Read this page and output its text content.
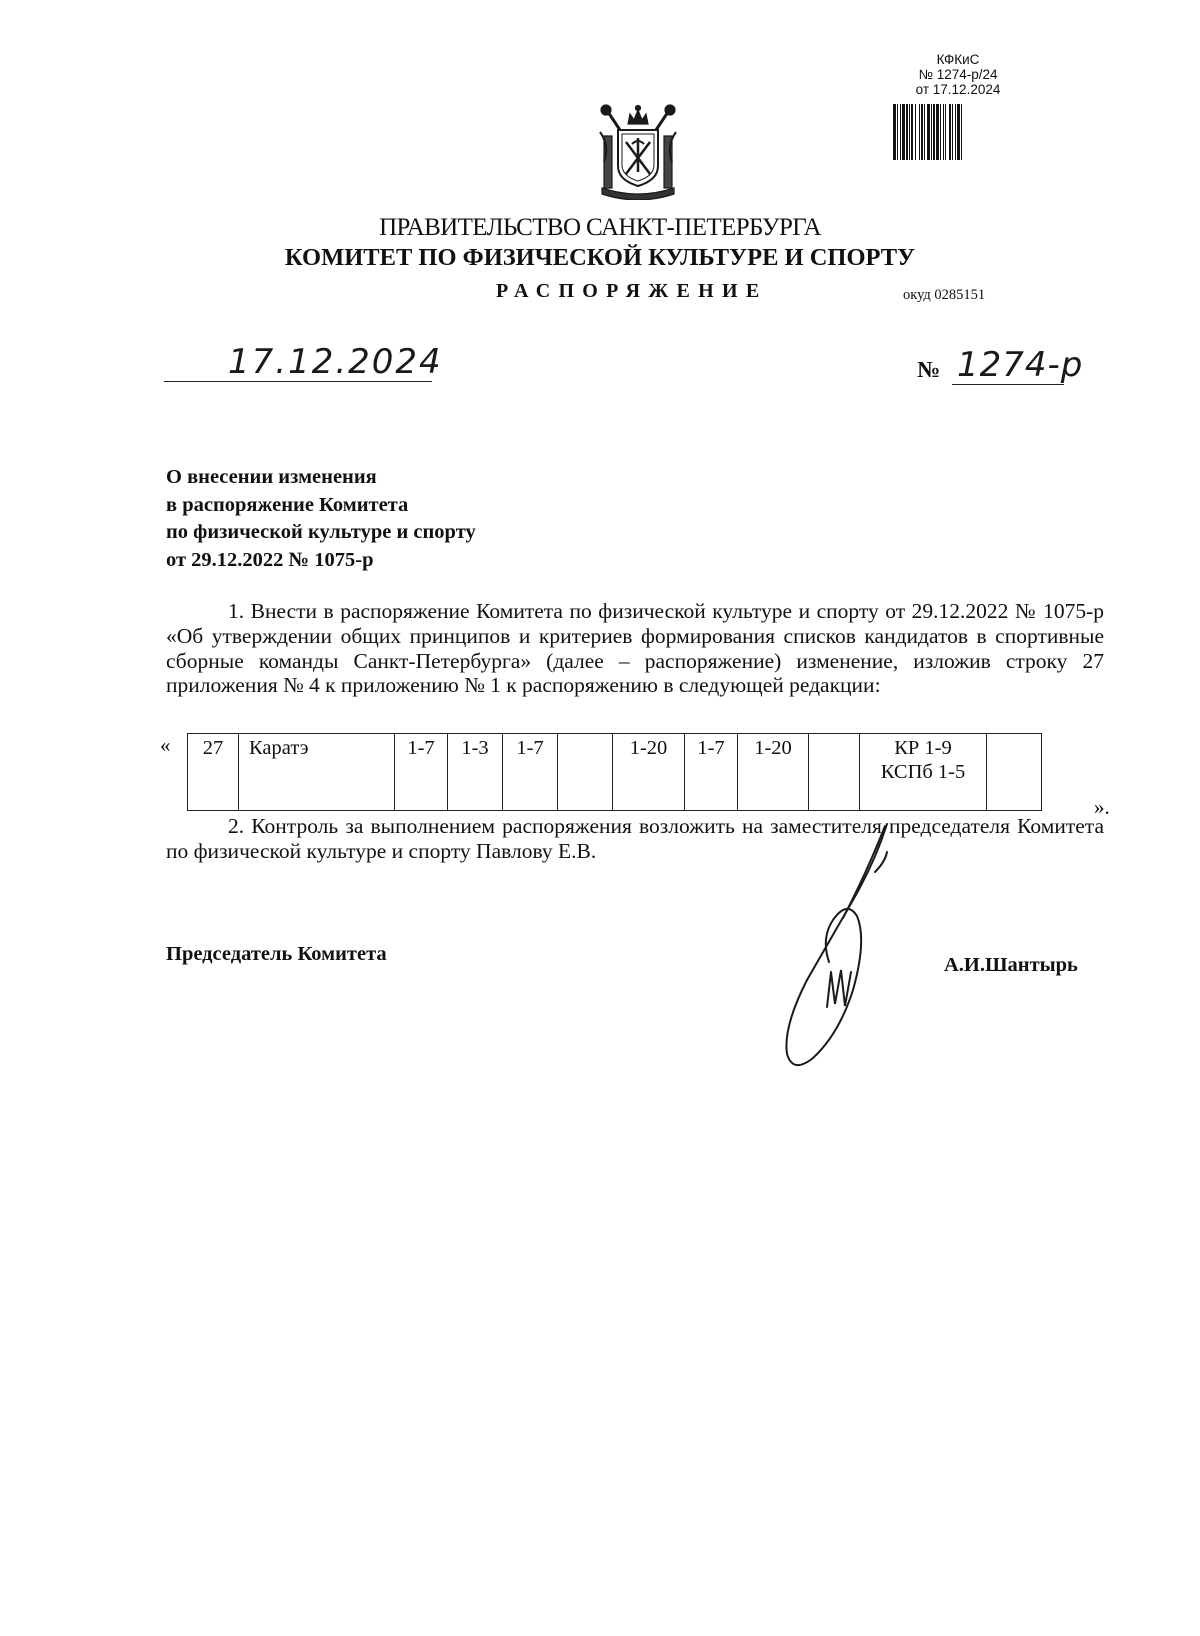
КФКиС
№ 1274-р/24
от 17.12.2024
ПРАВИТЕЛЬСТВО САНКТ-ПЕТЕРБУРГА
КОМИТЕТ ПО ФИЗИЧЕСКОЙ КУЛЬТУРЕ И СПОРТУ
РАСПОРЯЖЕНИЕ	окуд 0285151
17.12.2024	№ 1274-р
О внесении изменения
в распоряжение Комитета
по физической культуре и спорту
от 29.12.2022 № 1075-р
1. Внести в распоряжение Комитета по физической культуре и спорту от 29.12.2022 № 1075-р «Об утверждении общих принципов и критериев формирования списков кандидатов в спортивные сборные команды Санкт-Петербурга» (далее – распоряжение) изменение, изложив строку 27 приложения № 4 к приложению № 1 к распоряжению в следующей редакции:
« 27	Каратэ	1-7	1-3	1-7		1-20	1-7	1-20		КР 1-9
КСПб 1-5	
».
2. Контроль за выполнением распоряжения возложить на заместителя председателя Комитета по физической культуре и спорту Павлову Е.В.
Председатель Комитета	А.И.Шантырь
